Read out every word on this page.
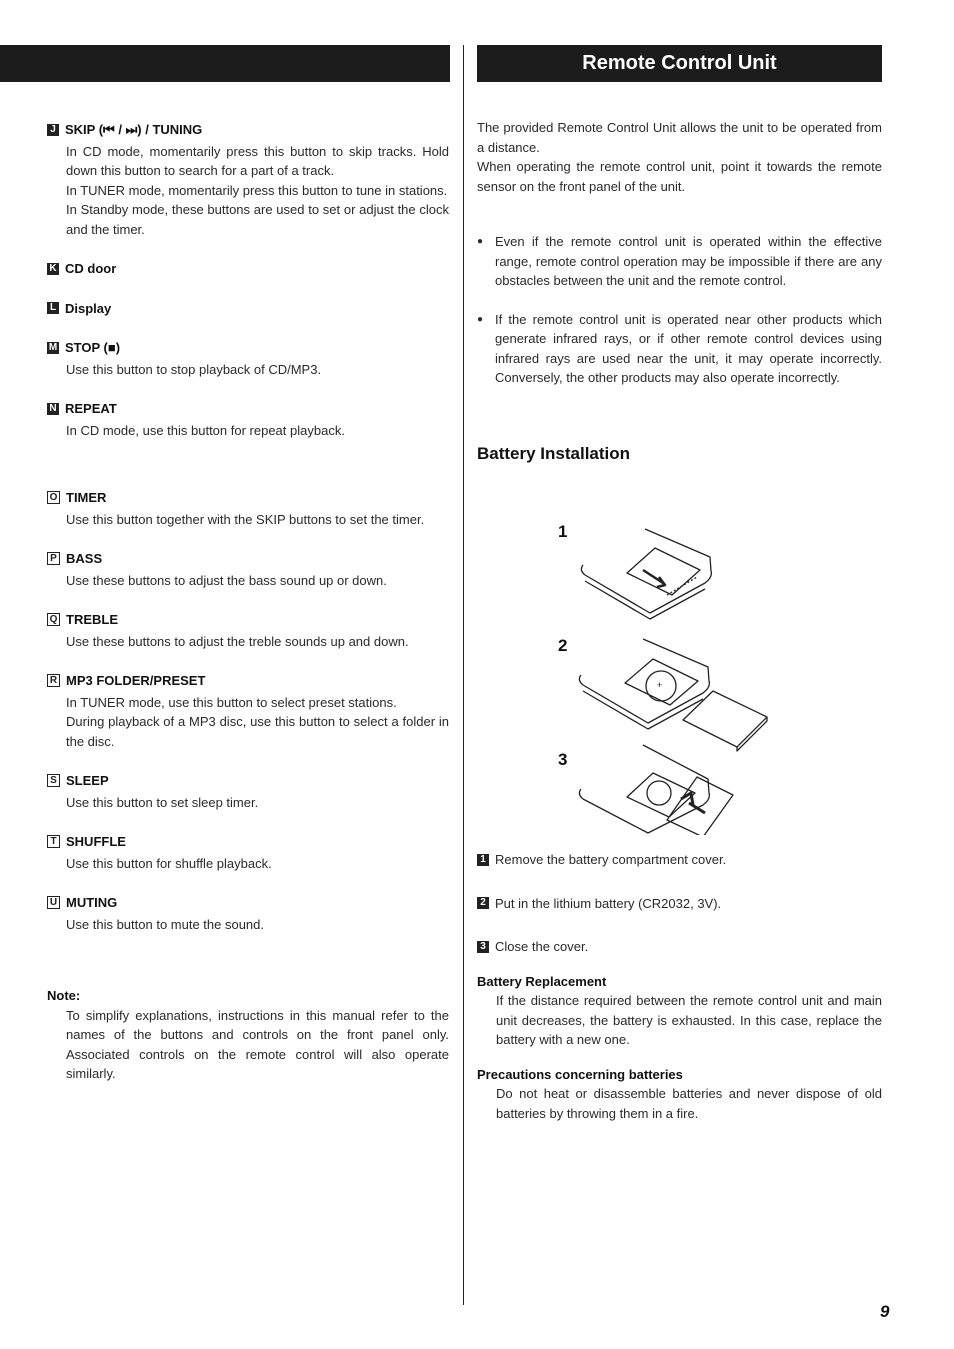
Remote Control Unit
J SKIP (⏮ / ⏭) / TUNING

In CD mode, momentarily press this button to skip tracks. Hold down this button to search for a part of a track.

In TUNER mode, momentarily press this button to tune in stations.

In Standby mode, these buttons are used to set or adjust the clock and the timer.

K CD door
L Display
M STOP (■)

Use this button to stop playback of CD/MP3.

N REPEAT

In CD mode, use this button for repeat playback.

O TIMER

Use this button together with the SKIP buttons to set the timer.

P BASS

Use these buttons to adjust the bass sound up or down.

Q TREBLE

Use these buttons to adjust the treble sounds up and down.

R MP3 FOLDER/PRESET

In TUNER mode, use this button to select preset stations.

During playback of a MP3 disc, use this button to select a folder in the disc.

S SLEEP

Use this button to set sleep timer.

T SHUFFLE

Use this button for shuffle playback.

U MUTING

Use this button to mute the sound.

Note:
To simplify explanations, instructions in this manual refer to the names of the buttons and controls on the front panel only. Associated controls on the remote control will also operate similarly.

The provided Remote Control Unit allows the unit to be operated from a distance.

When operating the remote control unit, point it towards the remote sensor on the front panel of the unit.

● Even if the remote control unit is operated within the effective range, remote control operation may be impossible if there are any obstacles between the unit and the remote control.
● If the remote control unit is operated near other products which generate infrared rays, or if other remote control devices using infrared rays are used near the unit, it may operate incorrectly. Conversely, the other products may also operate incorrectly.
Battery Installation
1 Remove the battery compartment cover.
2 Put in the lithium battery (CR2032, 3V).
3 Close the cover.
Battery Replacement
If the distance required between the remote control unit and main unit decreases, the battery is exhausted. In this case, replace the battery with a new one.
Precautions concerning batteries
Do not heat or disassemble batteries and never dispose of old batteries by throwing them in a fire.
1
2
3
+
9
